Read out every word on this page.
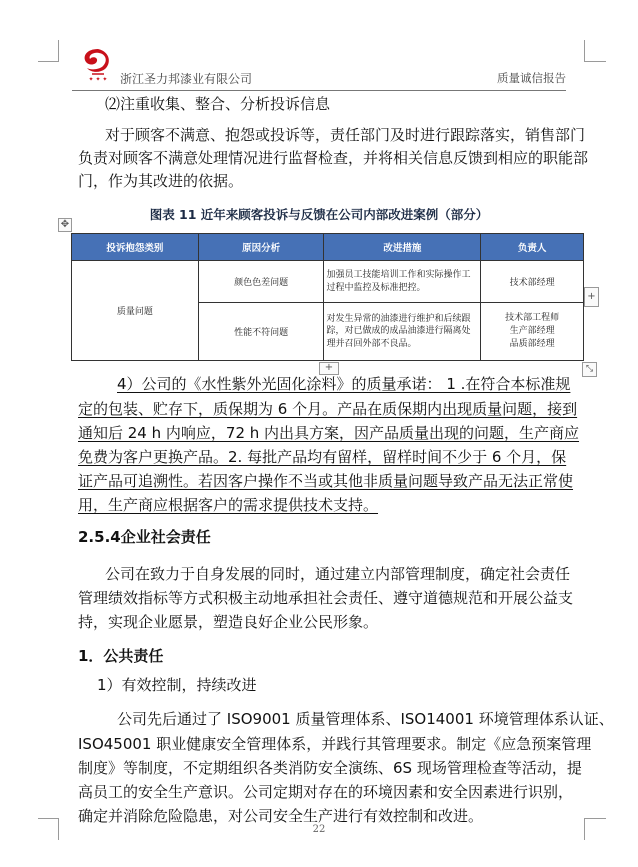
✦ ✦ ✦ 浙江圣力邦漆业有限公司	质量诚信报告
⑵注重收集、整合、分析投诉信息
对于顾客不满意、抱怨或投诉等，责任部门及时进行跟踪落实，销售部门
负责对顾客不满意处理情况进行监督检查，并将相关信息反馈到相应的职能部
门，作为其改进的依据。
图表 11 近年来顾客投诉与反馈在公司内部改进案例（部分）
✥
投诉抱怨类别	原因分析	改进措施	负责人
质量问题	颜色色差问题	加强员工技能培训工作和实际操作工过程中监控及标准把控。	技术部经理
	性能不符问题	对发生异常的油漆进行维护和后续跟踪，对已做成的成品油漆进行隔离处理并召回外部不良品。	技术部工程师
生产部经理
品质部经理
+
+	⤡
4）公司的《水性紫外光固化涂料》的质量承诺： 1 .在符合本标准规
定的包装、贮存下，质保期为 6 个月。产品在质保期内出现质量问题，接到
通知后 24 h 内响应，72 h 内出具方案，因产品质量出现的问题，生产商应
免费为客户更换产品。2. 每批产品均有留样，留样时间不少于 6 个月，保
证产品可追溯性。若因客户操作不当或其他非质量问题导致产品无法正常使
用，生产商应根据客户的需求提供技术支持。
2.5.4企业社会责任
公司在致力于自身发展的同时，通过建立内部管理制度，确定社会责任
管理绩效指标等方式积极主动地承担社会责任、遵守道德规范和开展公益支
持，实现企业愿景，塑造良好企业公民形象。
1．公共责任
1）有效控制，持续改进
公司先后通过了 ISO9001 质量管理体系、ISO14001 环境管理体系认证、
ISO45001 职业健康安全管理体系，并践行其管理要求。制定《应急预案管理
制度》等制度，不定期组织各类消防安全演练、6S 现场管理检查等活动，提
高员工的安全生产意识。公司定期对存在的环境因素和安全因素进行识别，
确定并消除危险隐患，对公司安全生产进行有效控制和改进。
22
